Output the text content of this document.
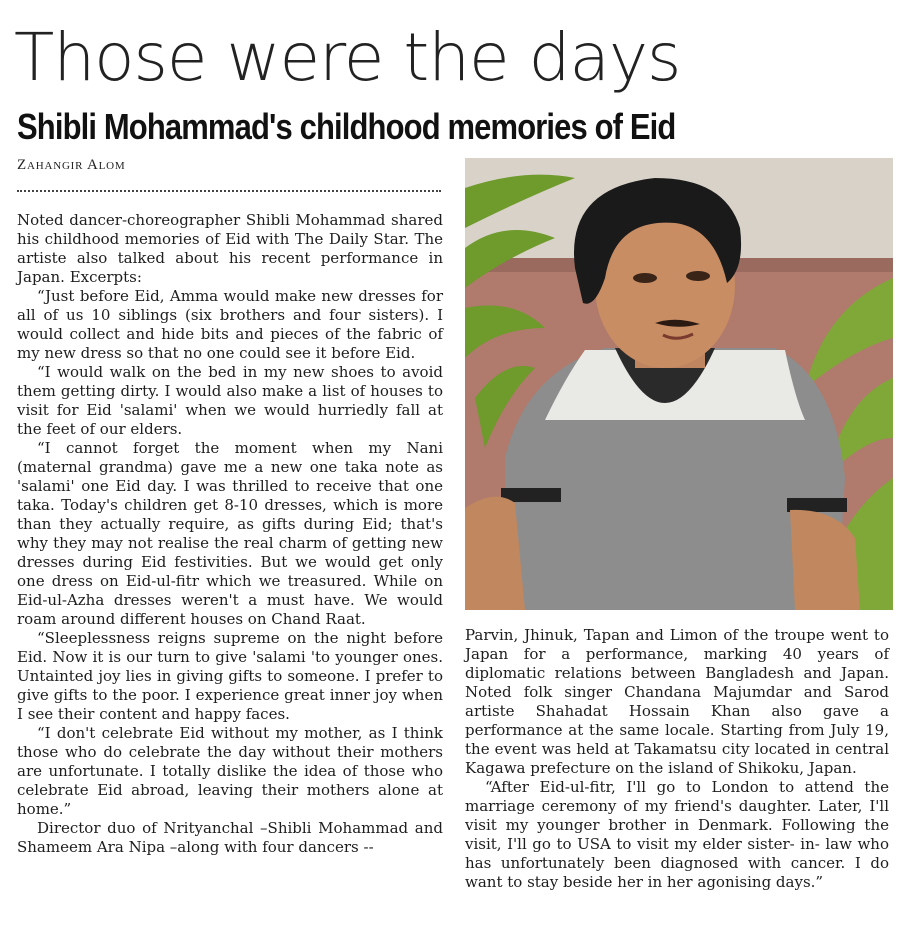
Those were the days
Shibli Mohammad's childhood memories of Eid
Zahangir Alom

Noted dancer-choreographer Shibli Mohammad shared his childhood memories of Eid with The Daily Star. The artiste also talked about his recent performance in Japan. Excerpts:

“Just before Eid, Amma would make new dresses for all of us 10 siblings (six brothers and four sisters). I would collect and hide bits and pieces of the fabric of my new dress so that no one could see it before Eid.

“I would walk on the bed in my new shoes to avoid them getting dirty. I would also make a list of houses to visit for Eid 'salami' when we would hurriedly fall at the feet of our elders.

“I cannot forget the moment when my Nani (maternal grandma) gave me a new one taka note as 'salami' one Eid day. I was thrilled to receive that one taka. Today's children get 8-10 dresses, which is more than they actually require, as gifts during Eid; that's why they may not realise the real charm of getting new dresses during Eid festivities. But we would get only one dress on Eid-ul-fitr which we treasured. While on Eid-ul-Azha dresses weren't a must have. We would roam around different houses on Chand Raat.

“Sleeplessness reigns supreme on the night before Eid. Now it is our turn to give 'salami 'to younger ones. Untainted joy lies in giving gifts to someone. I prefer to give gifts to the poor. I experience great inner joy when I see their content and happy faces.

“I don't celebrate Eid without my mother, as I think those who do celebrate the day without their mothers are unfortunate. I totally dislike the idea of those who celebrate Eid abroad, leaving their mothers alone at home.”

Director duo of Nrityanchal –Shibli Mohammad and Shameem Ara Nipa –along with four dancers --

Parvin, Jhinuk, Tapan and Limon of the troupe went to Japan for a performance, marking 40 years of diplomatic relations between Bangladesh and Japan. Noted folk singer Chandana Majumdar and Sarod artiste Shahadat Hossain Khan also gave a performance at the same locale. Starting from July 19, the event was held at Takamatsu city located in central Kagawa prefecture on the island of Shikoku, Japan.

“After Eid-ul-fitr, I'll go to London to attend the marriage ceremony of my friend's daughter. Later, I'll visit my younger brother in Denmark. Following the visit, I'll go to USA to visit my elder sister- in- law who has unfortunately been diagnosed with cancer. I do want to stay beside her in her agonising days.”
